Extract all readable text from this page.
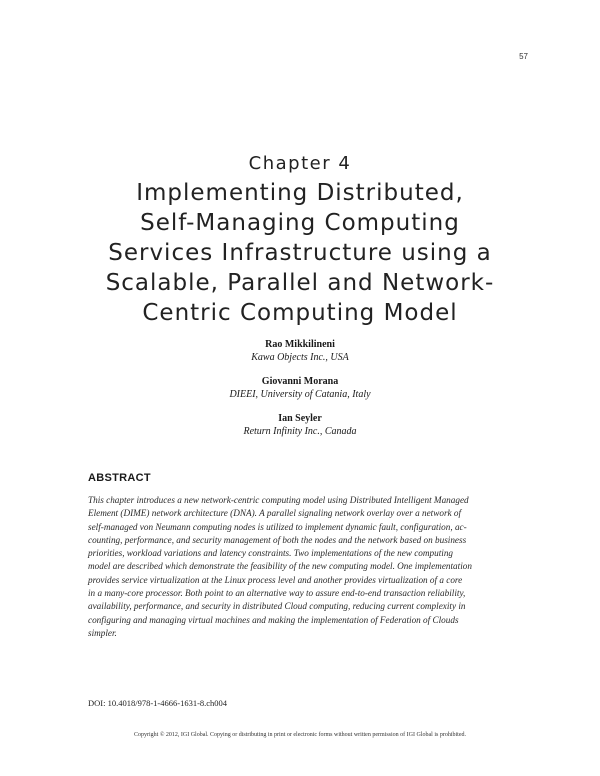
57
Chapter 4
Implementing Distributed,
Self-Managing Computing
Services Infrastructure using a
Scalable, Parallel and Network-
Centric Computing Model
Rao Mikkilineni
Kawa Objects Inc., USA
Giovanni Morana
DIEEI, University of Catania, Italy
Ian Seyler
Return Infinity Inc., Canada
ABSTRACT

This chapter introduces a new network-centric computing model using Distributed Intelligent Managed
Element (DIME) network architecture (DNA). A parallel signaling network overlay over a network of
self-managed von Neumann computing nodes is utilized to implement dynamic fault, configuration, ac-
counting, performance, and security management of both the nodes and the network based on business
priorities, workload variations and latency constraints. Two implementations of the new computing
model are described which demonstrate the feasibility of the new computing model. One implementation
provides service virtualization at the Linux process level and another provides virtualization of a core
in a many-core processor. Both point to an alternative way to assure end-to-end transaction reliability,
availability, performance, and security in distributed Cloud computing, reducing current complexity in
configuring and managing virtual machines and making the implementation of Federation of Clouds
simpler.

DOI: 10.4018/978-1-4666-1631-8.ch004
Copyright © 2012, IGI Global. Copying or distributing in print or electronic forms without written permission of IGI Global is prohibited.
